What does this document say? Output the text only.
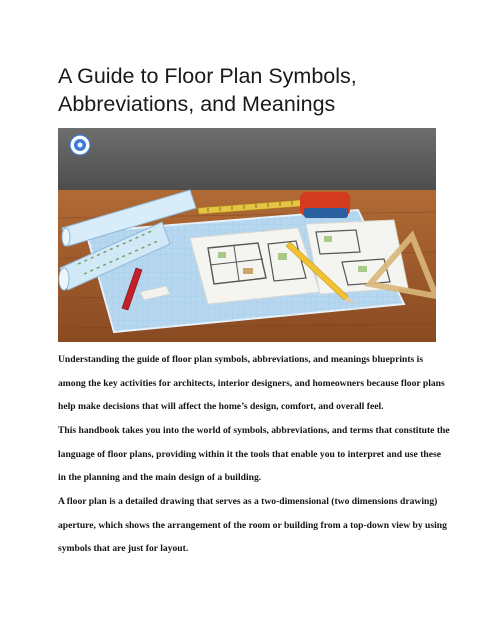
A Guide to Floor Plan Symbols, Abbreviations, and Meanings

Understanding the guide of floor plan symbols, abbreviations, and meanings blueprints is among the key activities for architects, interior designers, and homeowners because floor plans help make decisions that will affect the home’s design, comfort, and overall feel.

This handbook takes you into the world of symbols, abbreviations, and terms that constitute the language of floor plans, providing within it the tools that enable you to interpret and use these in the planning and the main design of a building.

A floor plan is a detailed drawing that serves as a two-dimensional (two dimensions drawing) aperture, which shows the arrangement of the room or building from a top-down view by using symbols that are just for layout.
